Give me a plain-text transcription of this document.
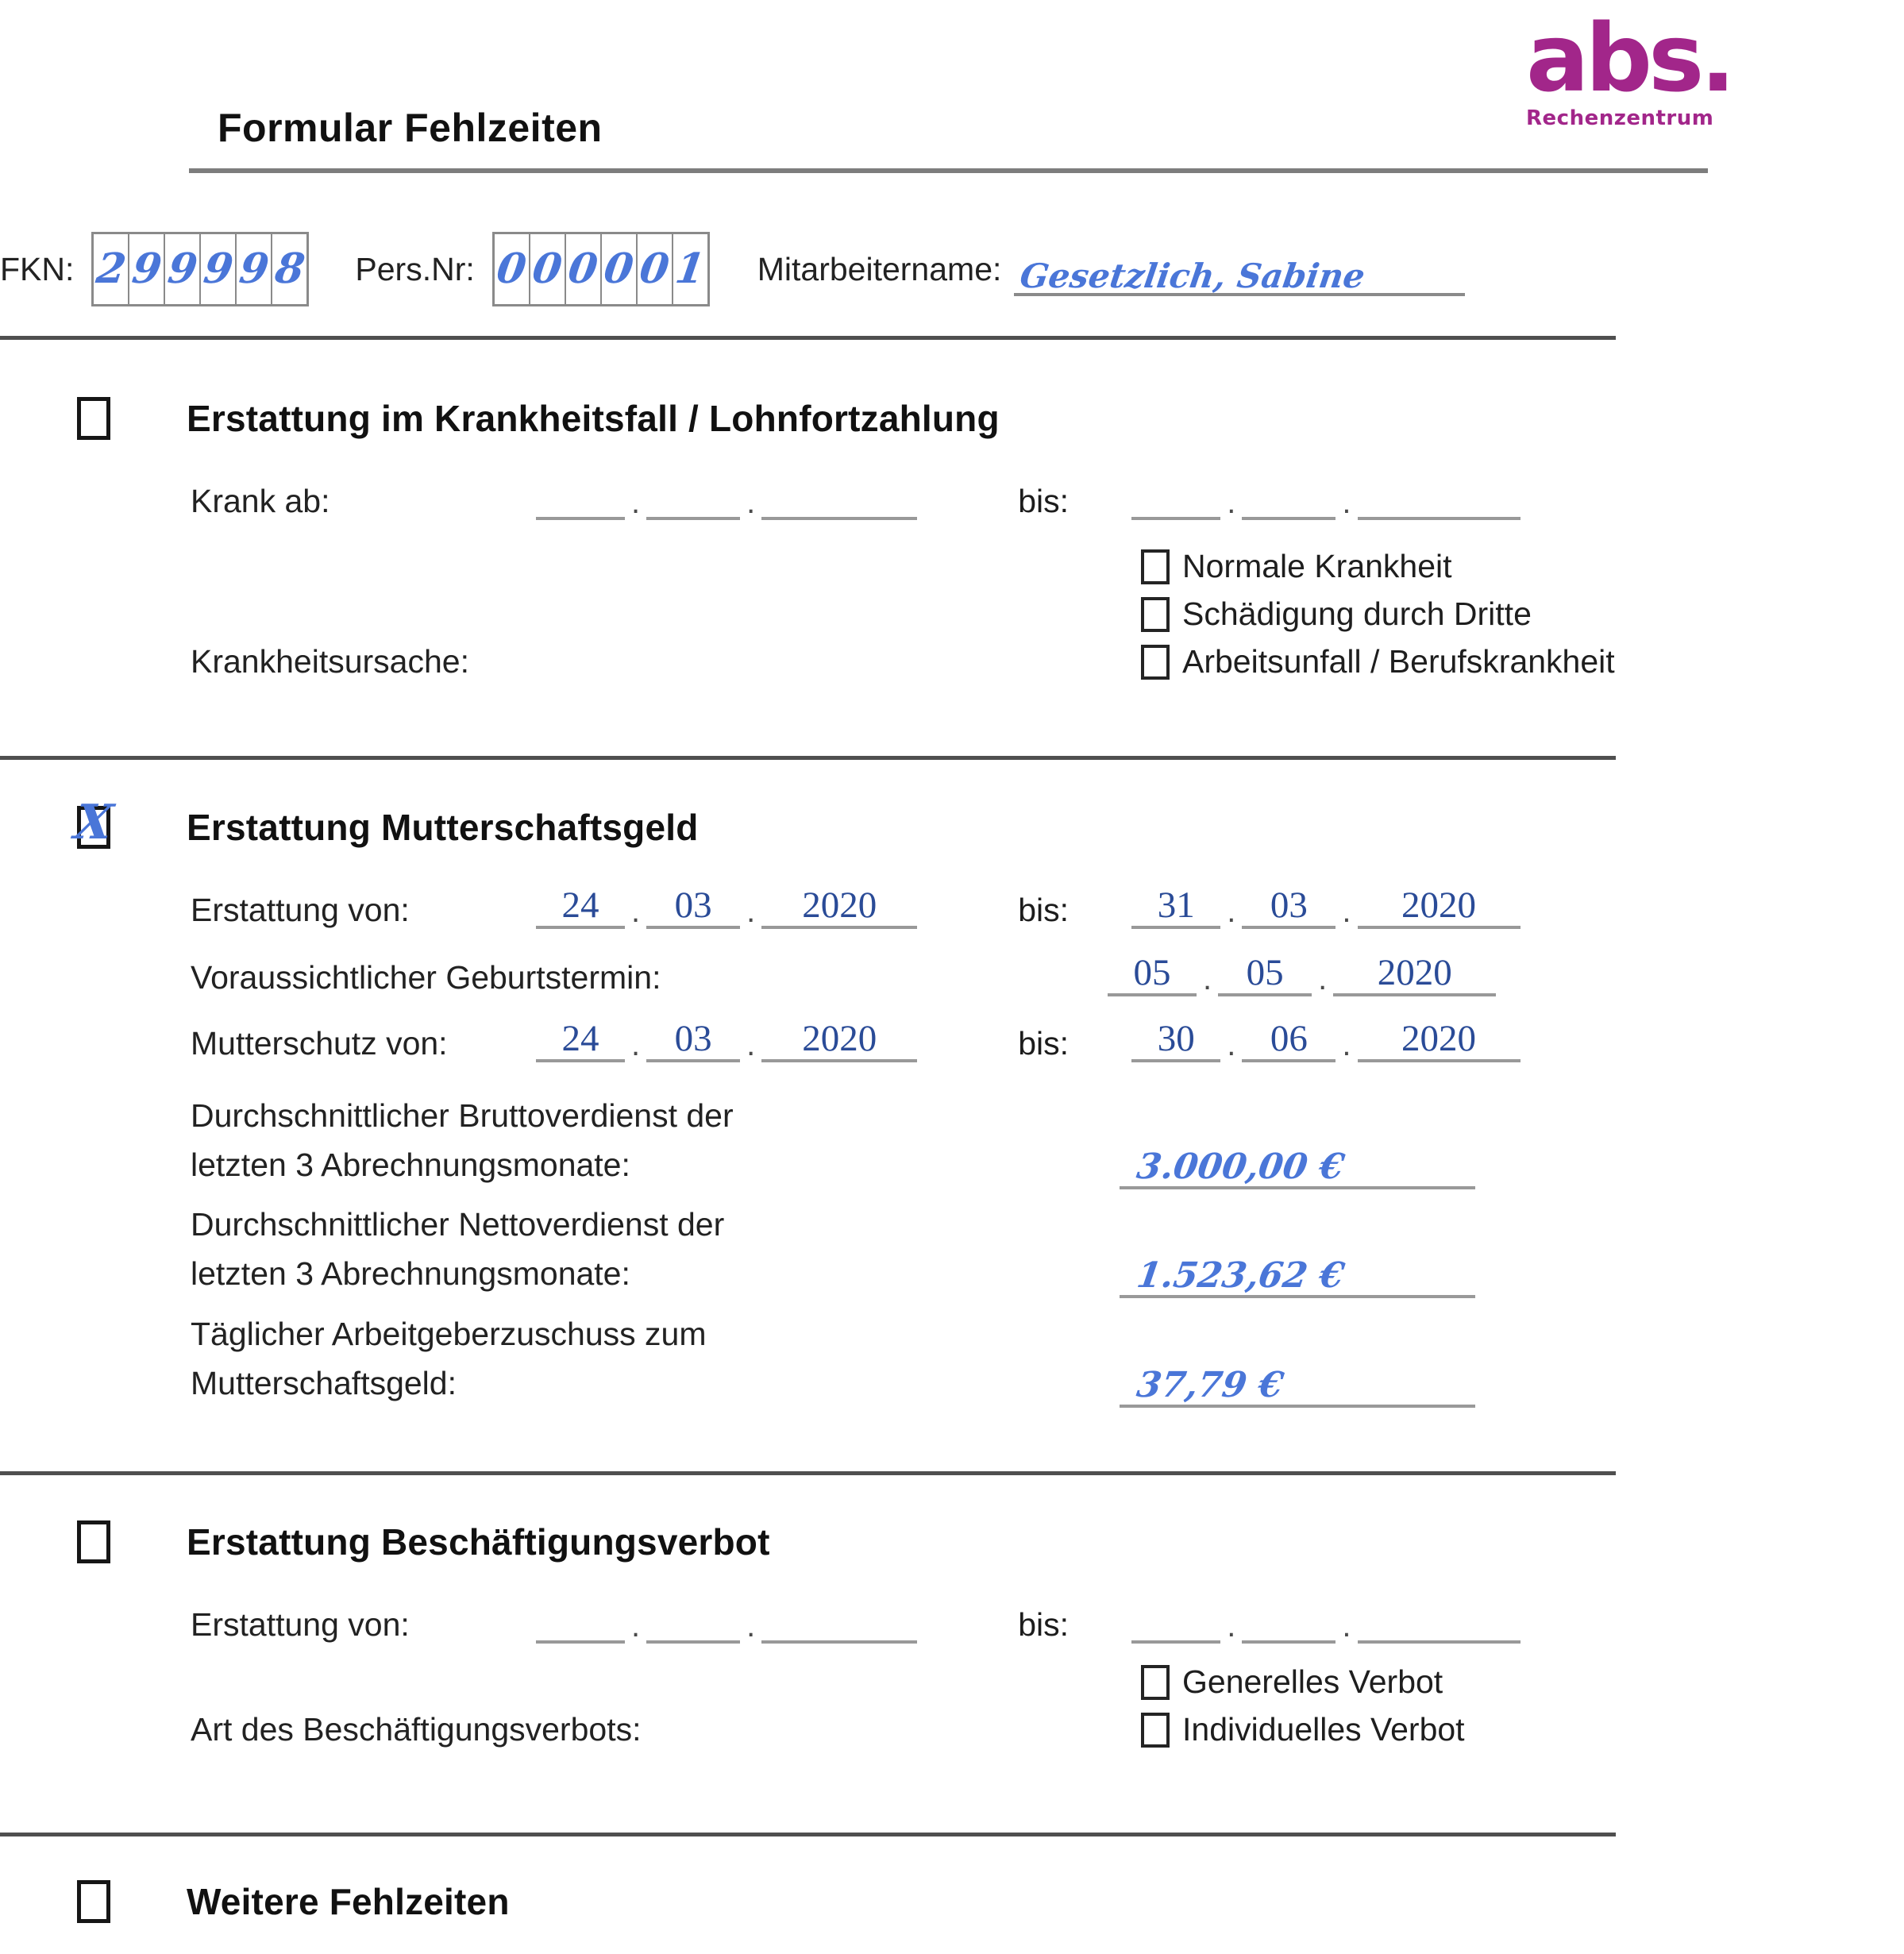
abs.
Rechenzentrum
Formular Fehlzeiten
FKN: 2 9 9 9 9 8 Pers.Nr: 0 0 0 0 0 1 Mitarbeitername: Gesetzlich, Sabine
Erstattung im Krankheitsfall / Lohnfortzahlung
Krank ab:	.	.	bis:	.	.
Krankheitsursache:
Normale Krankheit
Schädigung durch Dritte
Arbeitsunfall / Berufskrankheit
X Erstattung Mutterschaftsgeld
Erstattung von:	24 . 03 . 2020	bis:	31 . 03 . 2020
Voraussichtlicher Geburtstermin:	05 . 05 . 2020
Mutterschutz von:	24 . 03 . 2020	bis:	30 . 06 . 2020
Durchschnittlicher Bruttoverdienst der
letzten 3 Abrechnungsmonate:	3.000,00 €
Durchschnittlicher Nettoverdienst der
letzten 3 Abrechnungsmonate:	1.523,62 €
Täglicher Arbeitgeberzuschuss zum
Mutterschaftsgeld:	37,79 €
Erstattung Beschäftigungsverbot
Erstattung von:	.	.	bis:	.	.
Art des Beschäftigungsverbots:
Generelles Verbot
Individuelles Verbot
Weitere Fehlzeiten
